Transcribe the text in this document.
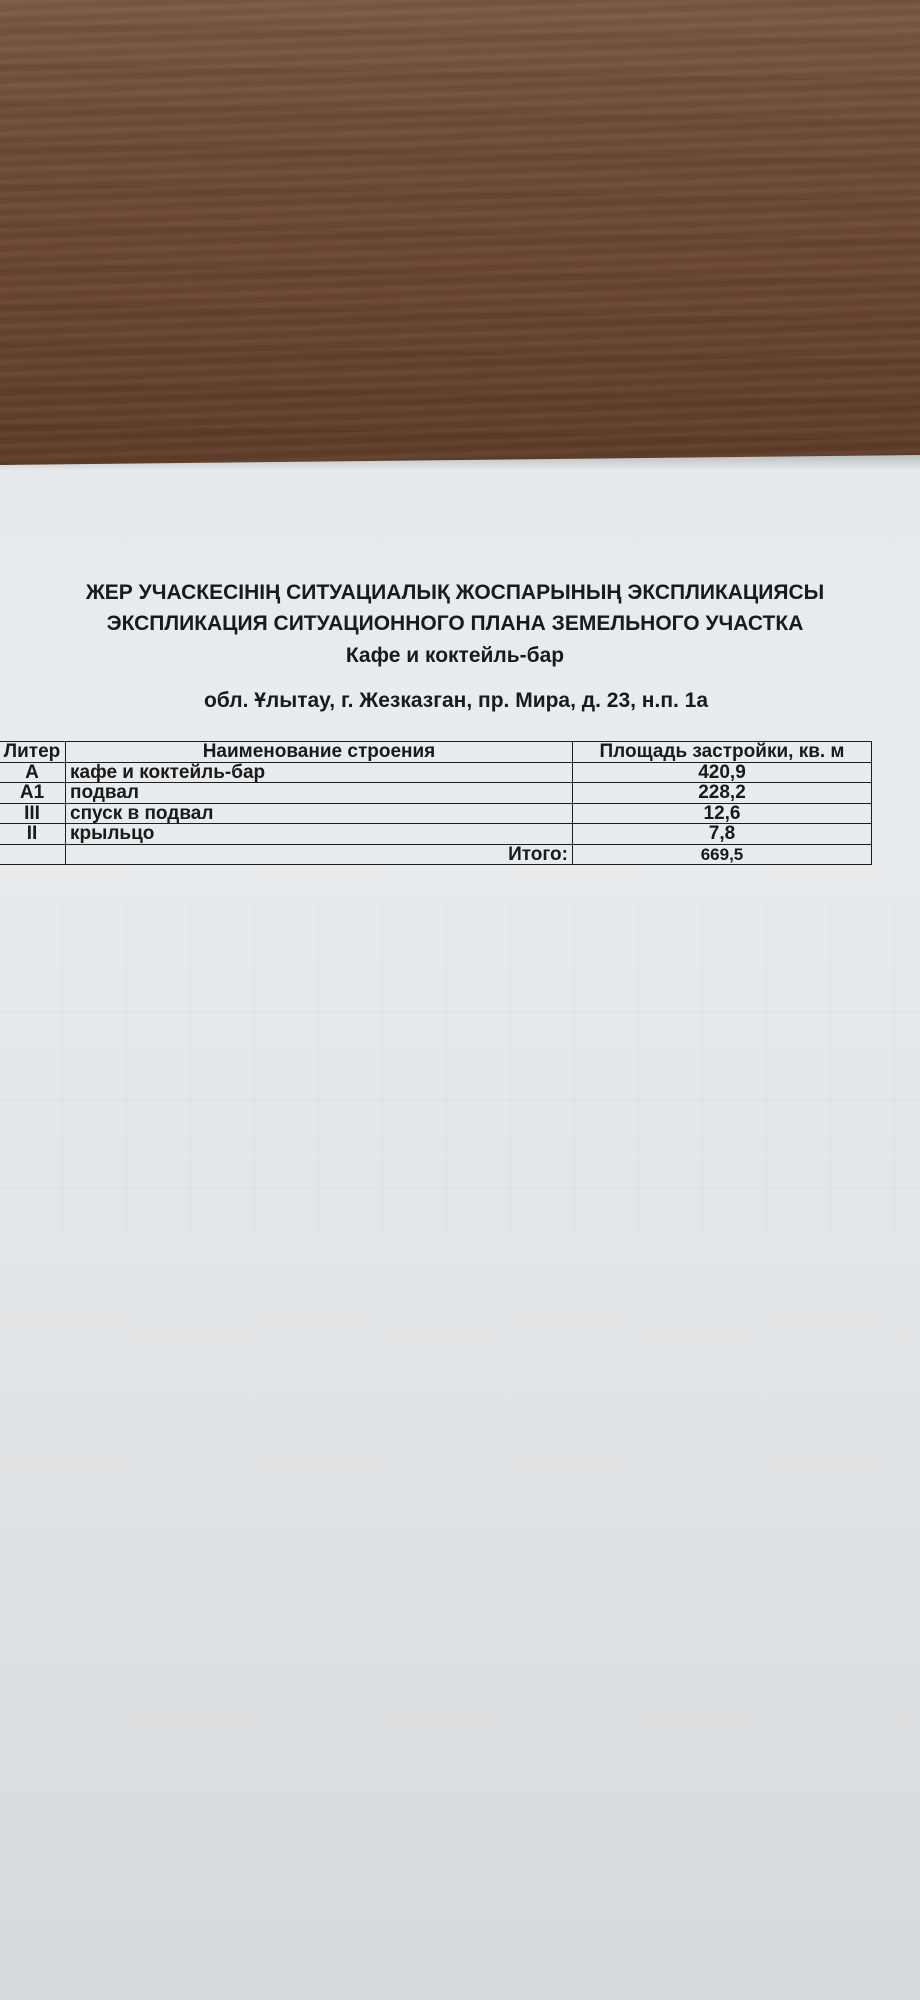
ЖЕР УЧАСКЕСІНІҢ СИТУАЦИАЛЫҚ ЖОСПАРЫНЫҢ ЭКСПЛИКАЦИЯСЫ
ЭКСПЛИКАЦИЯ СИТУАЦИОННОГО ПЛАНА ЗЕМЕЛЬНОГО УЧАСТКА
Кафе и коктейль-бар
обл. Ұлытау, г. Жезказган, пр. Мира, д. 23, н.п. 1а
Литер	Наименование строения	Площадь застройки, кв. м
А	кафе и коктейль-бар	420,9
А1	подвал	228,2
III	спуск в подвал	12,6
II	крыльцо	7,8
	Итого:	669,5
